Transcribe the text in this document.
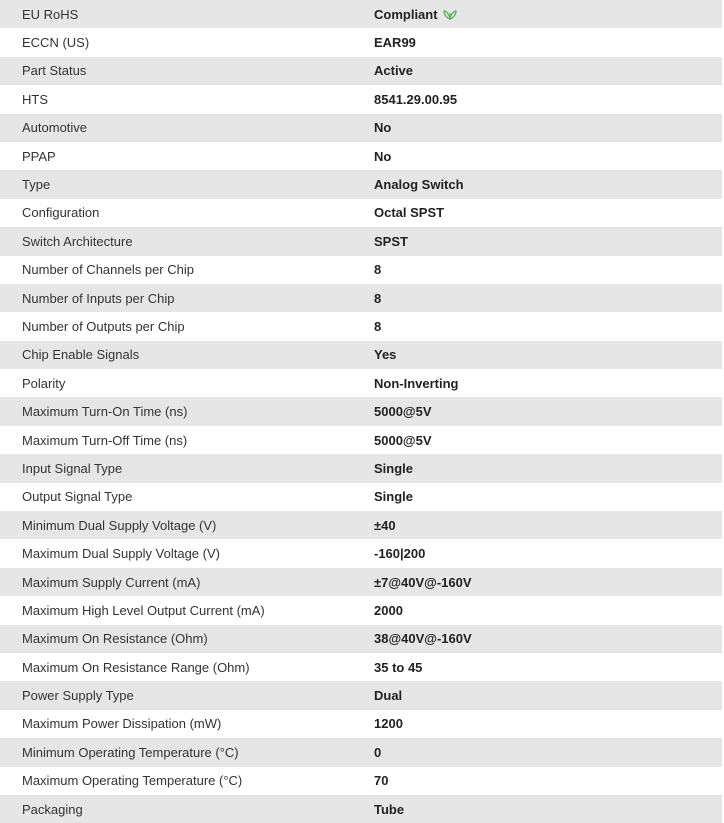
EU RoHS	Compliant
ECCN (US)	EAR99
Part Status	Active
HTS	8541.29.00.95
Automotive	No
PPAP	No
Type	Analog Switch
Configuration	Octal SPST
Switch Architecture	SPST
Number of Channels per Chip	8
Number of Inputs per Chip	8
Number of Outputs per Chip	8
Chip Enable Signals	Yes
Polarity	Non-Inverting
Maximum Turn-On Time (ns)	5000@5V
Maximum Turn-Off Time (ns)	5000@5V
Input Signal Type	Single
Output Signal Type	Single
Minimum Dual Supply Voltage (V)	±40
Maximum Dual Supply Voltage (V)	-160|200
Maximum Supply Current (mA)	±7@40V@-160V
Maximum High Level Output Current (mA)	2000
Maximum On Resistance (Ohm)	38@40V@-160V
Maximum On Resistance Range (Ohm)	35 to 45
Power Supply Type	Dual
Maximum Power Dissipation (mW)	1200
Minimum Operating Temperature (°C)	0
Maximum Operating Temperature (°C)	70
Packaging	Tube
